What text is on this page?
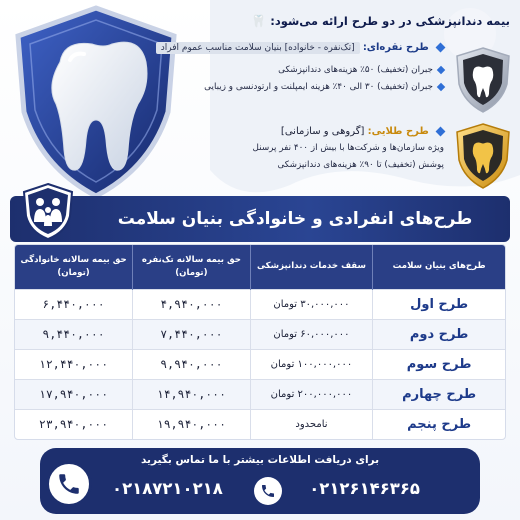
بیمه دندانپزشکی در دو طرح ارائه می‌شود: 🦷
طرح نقره‌ای: [تک‌نفره - خانواده] بنیان سلامت مناسب عموم افراد
جبران (تخفیف) ۵۰٪ هزینه‌های دندانپزشکی
جبران (تخفیف) ۳۰ الی ۴۰٪ هزینه ایمپلنت و ارتودنسی و زیبایی
طرح طلایی: [گروهی و سازمانی]
ویژه سازمان‌ها و شرکت‌ها با بیش از ۴۰۰ نفر پرسنل
پوشش (تخفیف) تا ۹۰٪ هزینه‌های دندانپزشکی
طرح‌های انفرادی و خانوادگی بنیان سلامت
طرح‌های بنیان سلامت	سقف خدمات دندانپزشکی	حق بیمه سالانه تک‌نفره (تومان)	حق بیمه سالانه خانوادگی (تومان)
طرح اول	۳۰,۰۰۰,۰۰۰ تومان	۴,۹۴۰,۰۰۰	۶,۴۴۰,۰۰۰
طرح دوم	۶۰,۰۰۰,۰۰۰ تومان	۷,۴۴۰,۰۰۰	۹,۴۴۰,۰۰۰
طرح سوم	۱۰۰,۰۰۰,۰۰۰ تومان	۹,۹۴۰,۰۰۰	۱۲,۴۴۰,۰۰۰
طرح چهارم	۲۰۰,۰۰۰,۰۰۰ تومان	۱۴,۹۴۰,۰۰۰	۱۷,۹۴۰,۰۰۰
طرح پنجم	نامحدود	۱۹,۹۴۰,۰۰۰	۲۳,۹۴۰,۰۰۰
برای دریافت اطلاعات بیشتر با ما تماس بگیرید
۰۲۱۸۷۲۱۰۲۱۸	۰۲۱۲۶۱۴۶۳۶۵
